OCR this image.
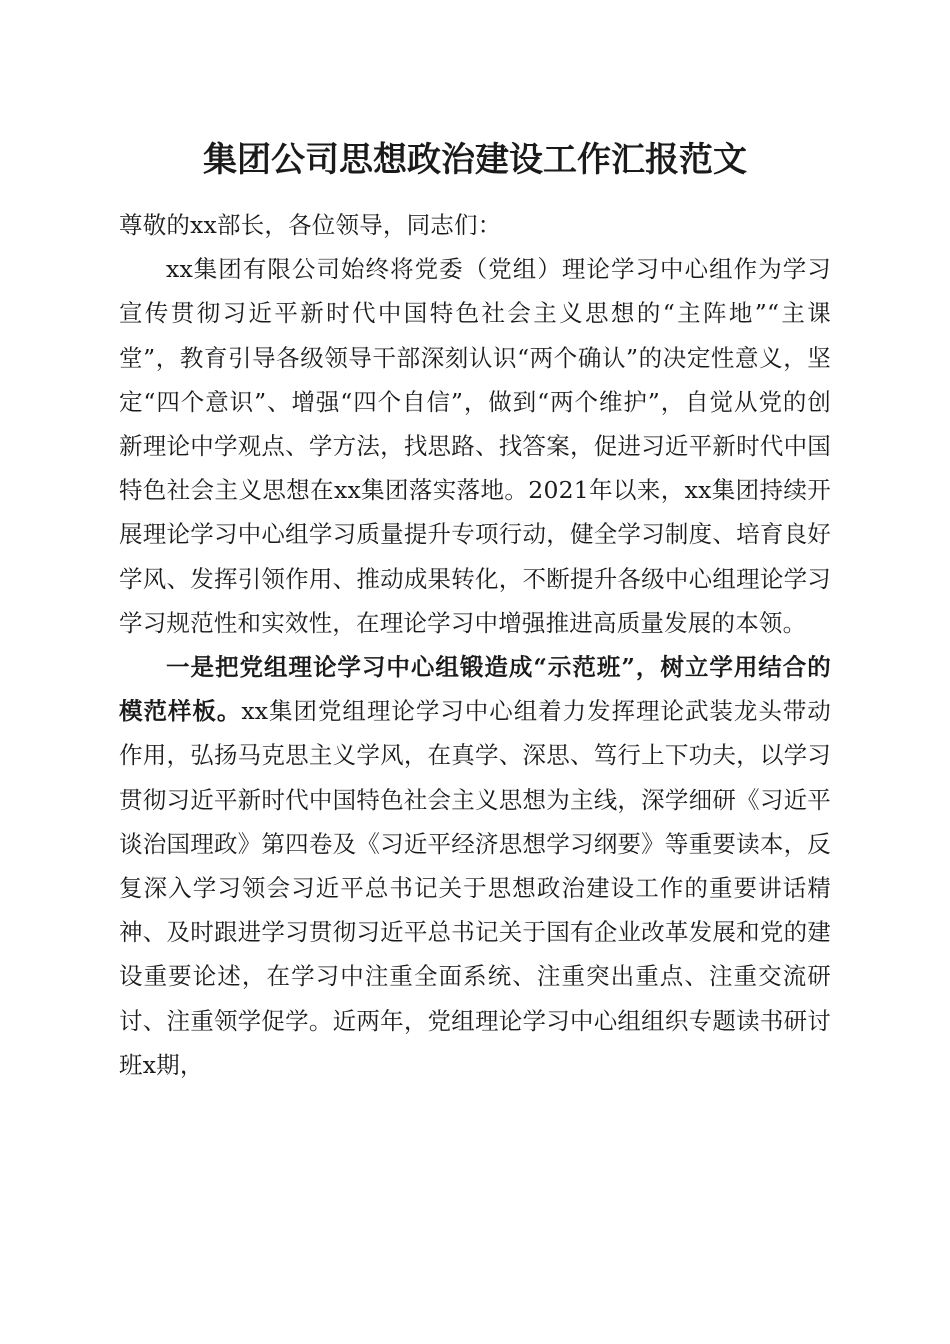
集团公司思想政治建设工作汇报范文

尊敬的xx部长，各位领导，同志们：

xx集团有限公司始终将党委（党组）理论学习中心组作为学习宣传贯彻习近平新时代中国特色社会主义思想的“主阵地”“主课堂”，教育引导各级领导干部深刻认识“两个确认”的决定性意义，坚定“四个意识”、增强“四个自信”，做到“两个维护”，自觉从党的创新理论中学观点、学方法，找思路、找答案，促进习近平新时代中国特色社会主义思想在xx集团落实落地。2021年以来，xx集团持续开展理论学习中心组学习质量提升专项行动，健全学习制度、培育良好学风、发挥引领作用、推动成果转化，不断提升各级中心组理论学习学习规范性和实效性，在理论学习中增强推进高质量发展的本领。

一是把党组理论学习中心组锻造成“示范班”，树立学用结合的模范样板。xx集团党组理论学习中心组着力发挥理论武装龙头带动作用，弘扬马克思主义学风，在真学、深思、笃行上下功夫，以学习贯彻习近平新时代中国特色社会主义思想为主线，深学细研《习近平谈治国理政》第四卷及《习近平经济思想学习纲要》等重要读本，反复深入学习领会习近平总书记关于思想政治建设工作的重要讲话精神、及时跟进学习贯彻习近平总书记关于国有企业改革发展和党的建设重要论述，在学习中注重全面系统、注重突出重点、注重交流研讨、注重领学促学。近两年，党组理论学习中心组组织专题读书研讨班x期，
